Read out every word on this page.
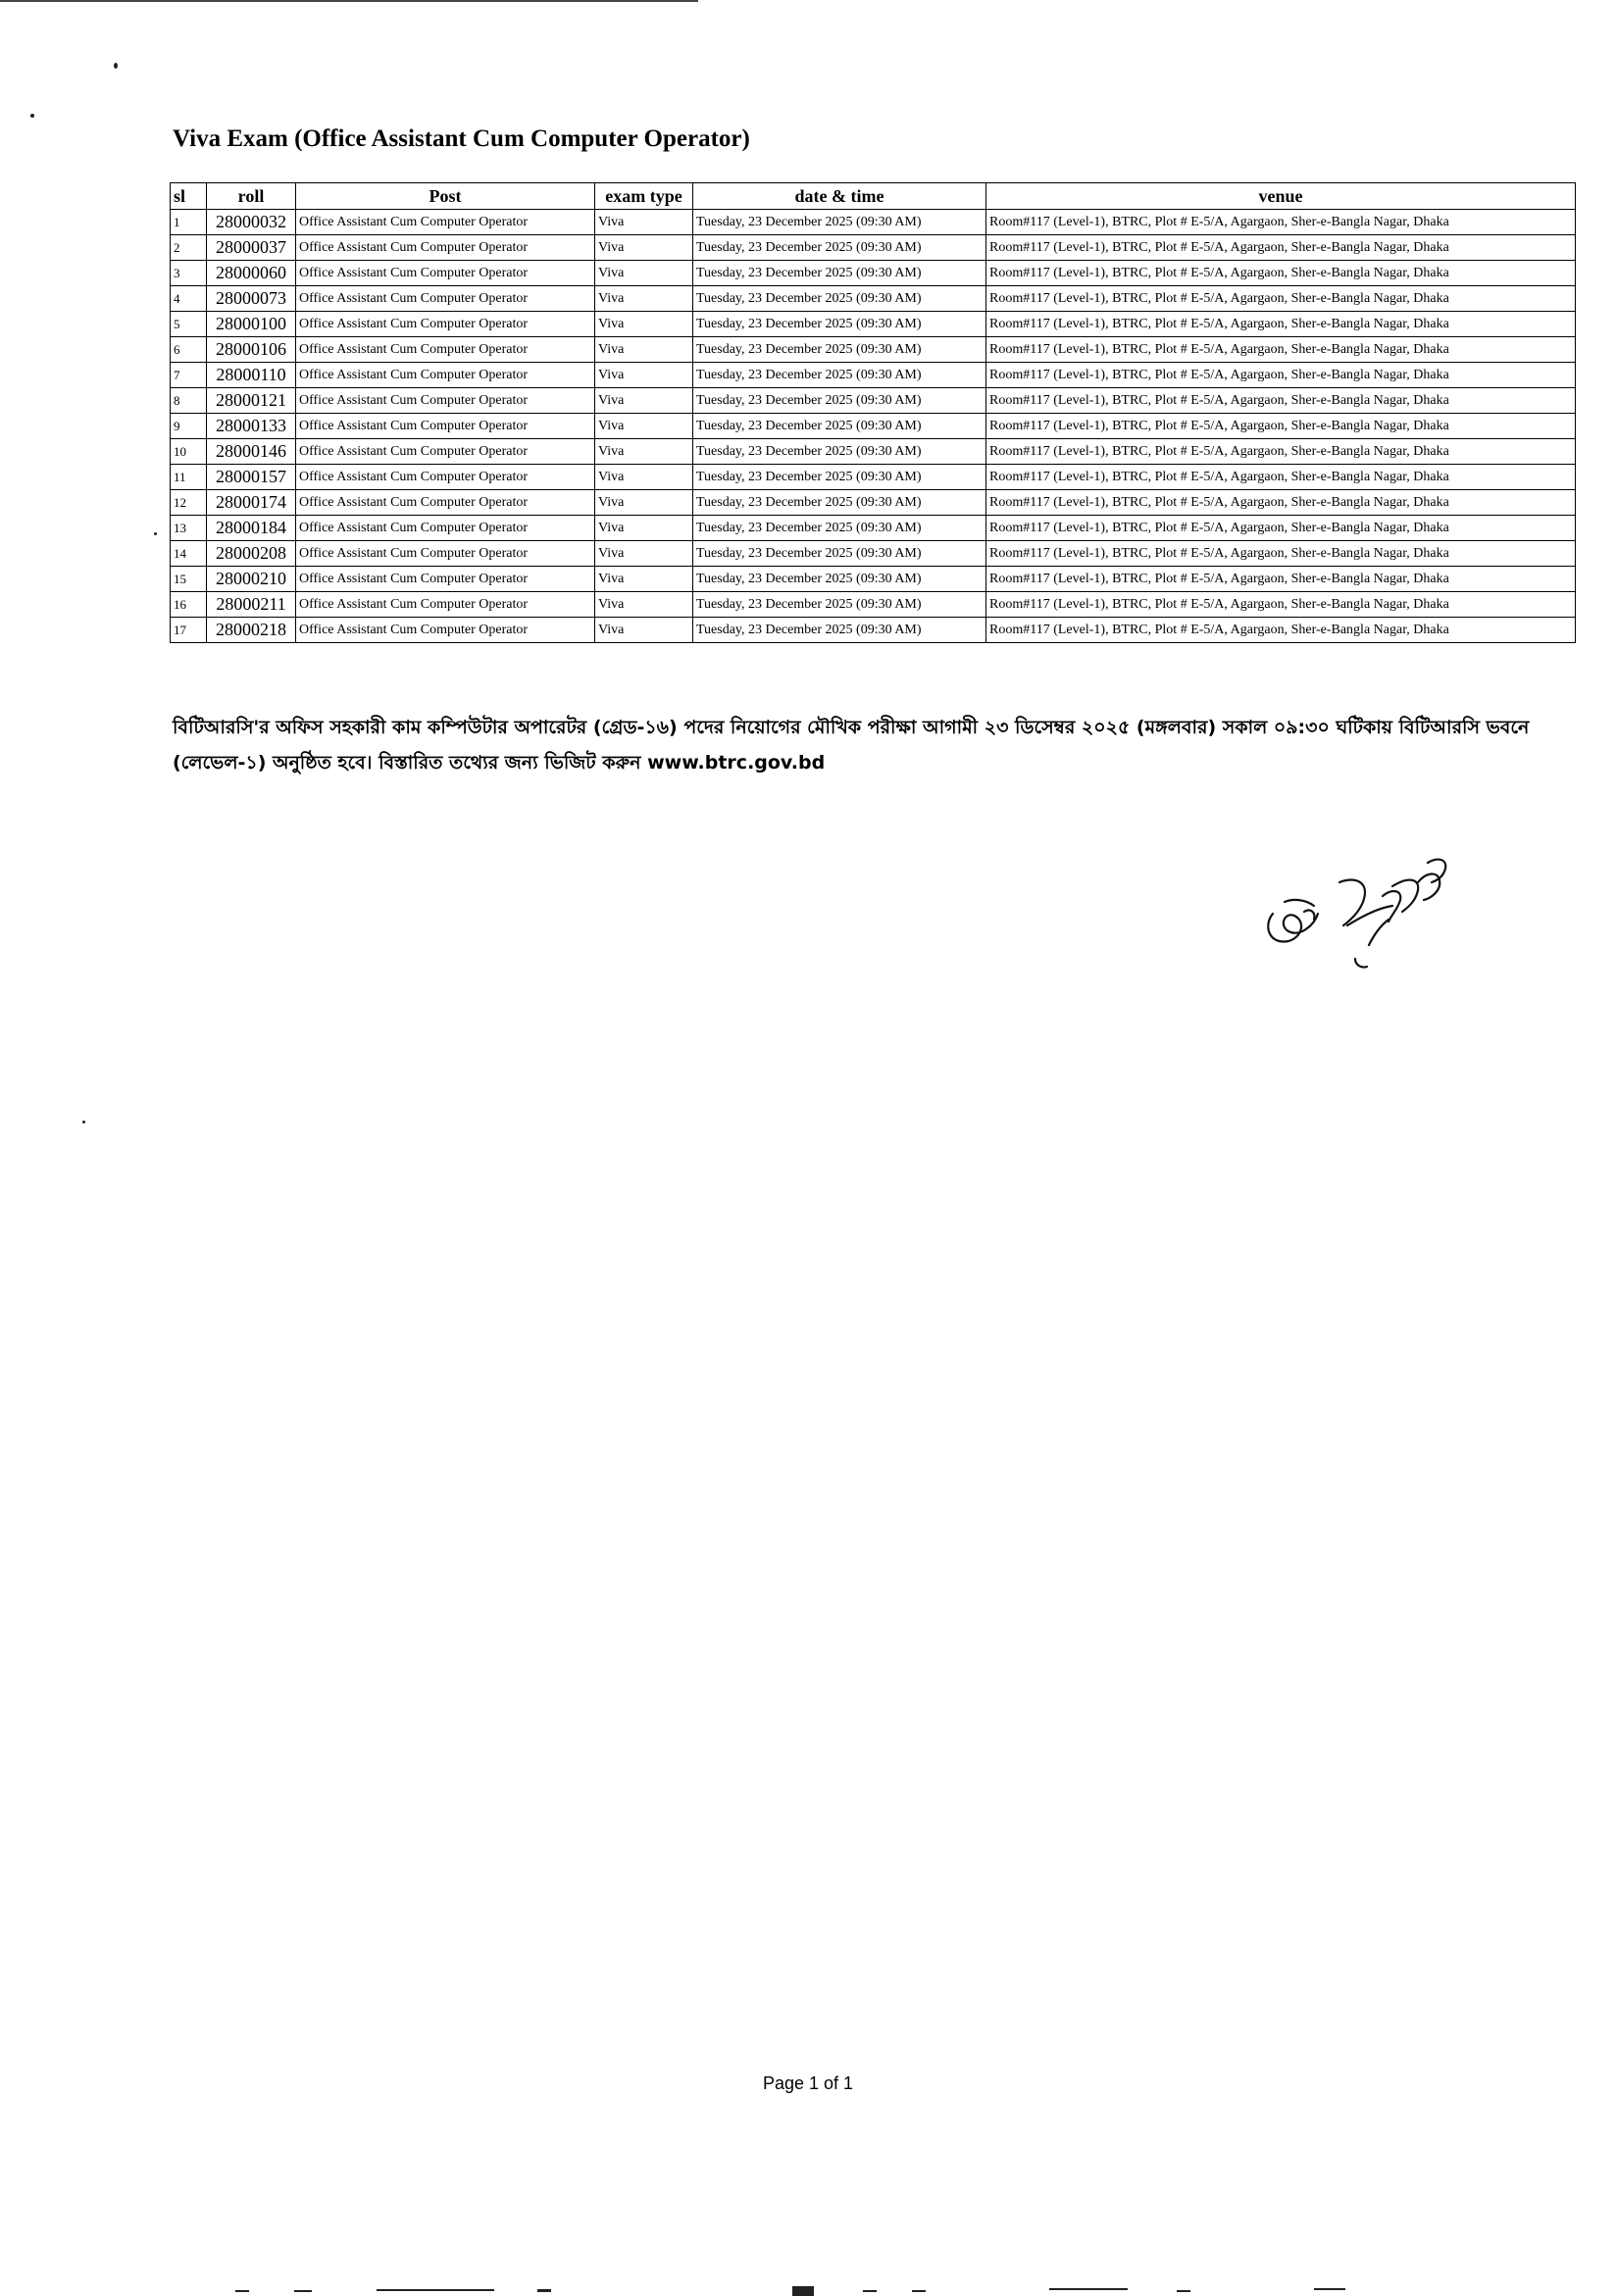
Viva Exam (Office Assistant Cum Computer Operator)
sl	roll	Post	exam type	date & time	venue
1	28000032	Office Assistant Cum Computer Operator	Viva	Tuesday, 23 December 2025 (09:30 AM)	Room#117 (Level-1), BTRC, Plot # E-5/A, Agargaon, Sher-e-Bangla Nagar, Dhaka
2	28000037	Office Assistant Cum Computer Operator	Viva	Tuesday, 23 December 2025 (09:30 AM)	Room#117 (Level-1), BTRC, Plot # E-5/A, Agargaon, Sher-e-Bangla Nagar, Dhaka
3	28000060	Office Assistant Cum Computer Operator	Viva	Tuesday, 23 December 2025 (09:30 AM)	Room#117 (Level-1), BTRC, Plot # E-5/A, Agargaon, Sher-e-Bangla Nagar, Dhaka
4	28000073	Office Assistant Cum Computer Operator	Viva	Tuesday, 23 December 2025 (09:30 AM)	Room#117 (Level-1), BTRC, Plot # E-5/A, Agargaon, Sher-e-Bangla Nagar, Dhaka
5	28000100	Office Assistant Cum Computer Operator	Viva	Tuesday, 23 December 2025 (09:30 AM)	Room#117 (Level-1), BTRC, Plot # E-5/A, Agargaon, Sher-e-Bangla Nagar, Dhaka
6	28000106	Office Assistant Cum Computer Operator	Viva	Tuesday, 23 December 2025 (09:30 AM)	Room#117 (Level-1), BTRC, Plot # E-5/A, Agargaon, Sher-e-Bangla Nagar, Dhaka
7	28000110	Office Assistant Cum Computer Operator	Viva	Tuesday, 23 December 2025 (09:30 AM)	Room#117 (Level-1), BTRC, Plot # E-5/A, Agargaon, Sher-e-Bangla Nagar, Dhaka
8	28000121	Office Assistant Cum Computer Operator	Viva	Tuesday, 23 December 2025 (09:30 AM)	Room#117 (Level-1), BTRC, Plot # E-5/A, Agargaon, Sher-e-Bangla Nagar, Dhaka
9	28000133	Office Assistant Cum Computer Operator	Viva	Tuesday, 23 December 2025 (09:30 AM)	Room#117 (Level-1), BTRC, Plot # E-5/A, Agargaon, Sher-e-Bangla Nagar, Dhaka
10	28000146	Office Assistant Cum Computer Operator	Viva	Tuesday, 23 December 2025 (09:30 AM)	Room#117 (Level-1), BTRC, Plot # E-5/A, Agargaon, Sher-e-Bangla Nagar, Dhaka
11	28000157	Office Assistant Cum Computer Operator	Viva	Tuesday, 23 December 2025 (09:30 AM)	Room#117 (Level-1), BTRC, Plot # E-5/A, Agargaon, Sher-e-Bangla Nagar, Dhaka
12	28000174	Office Assistant Cum Computer Operator	Viva	Tuesday, 23 December 2025 (09:30 AM)	Room#117 (Level-1), BTRC, Plot # E-5/A, Agargaon, Sher-e-Bangla Nagar, Dhaka
13	28000184	Office Assistant Cum Computer Operator	Viva	Tuesday, 23 December 2025 (09:30 AM)	Room#117 (Level-1), BTRC, Plot # E-5/A, Agargaon, Sher-e-Bangla Nagar, Dhaka
14	28000208	Office Assistant Cum Computer Operator	Viva	Tuesday, 23 December 2025 (09:30 AM)	Room#117 (Level-1), BTRC, Plot # E-5/A, Agargaon, Sher-e-Bangla Nagar, Dhaka
15	28000210	Office Assistant Cum Computer Operator	Viva	Tuesday, 23 December 2025 (09:30 AM)	Room#117 (Level-1), BTRC, Plot # E-5/A, Agargaon, Sher-e-Bangla Nagar, Dhaka
16	28000211	Office Assistant Cum Computer Operator	Viva	Tuesday, 23 December 2025 (09:30 AM)	Room#117 (Level-1), BTRC, Plot # E-5/A, Agargaon, Sher-e-Bangla Nagar, Dhaka
17	28000218	Office Assistant Cum Computer Operator	Viva	Tuesday, 23 December 2025 (09:30 AM)	Room#117 (Level-1), BTRC, Plot # E-5/A, Agargaon, Sher-e-Bangla Nagar, Dhaka
বিটিআরসি'র অফিস সহকারী কাম কম্পিউটার অপারেটর (গ্রেড-১৬) পদের নিয়োগের মৌখিক পরীক্ষা আগামী ২৩ ডিসেম্বর ২০২৫ (মঙ্গলবার) সকাল ০৯:৩০ ঘটিকায় বিটিআরসি ভবনে (লেভেল-১) অনুষ্ঠিত হবে। বিস্তারিত তথ্যের জন্য ভিজিট করুন www.btrc.gov.bd
Page 1 of 1
